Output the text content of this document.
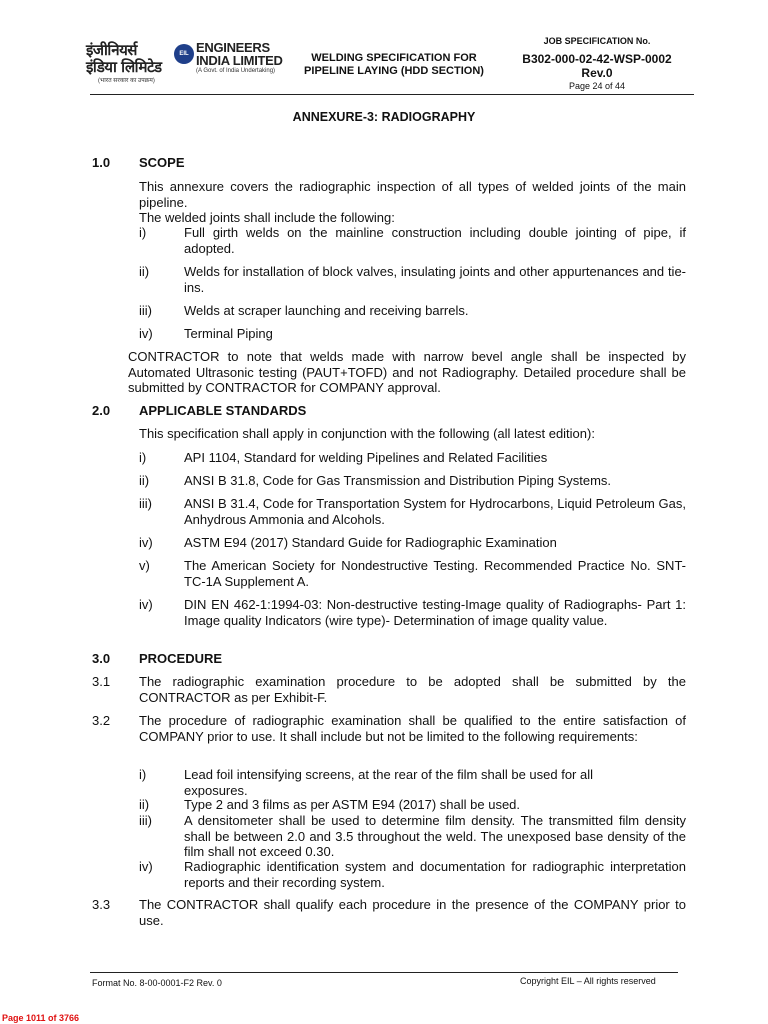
इंजीनियर्स
इंडिया लिमिटेड
(भारत सरकार का उपक्रम)
EIL ENGINEERS
INDIA LIMITED
(A Govt. of India Undertaking)
WELDING SPECIFICATION FOR
PIPELINE LAYING (HDD SECTION)
JOB SPECIFICATION No.
B302-000-02-42-WSP-0002
Rev.0
Page 24 of 44
ANNEXURE-3: RADIOGRAPHY
1.0 SCOPE
This annexure covers the radiographic inspection of all types of welded joints of the main pipeline.
The welded joints shall include the following:
i)	Full girth welds on the mainline construction including double jointing of pipe, if adopted.
ii)	Welds for installation of block valves, insulating joints and other appurtenances and tie-ins.
iii) Welds at scraper launching and receiving barrels.
iv) Terminal Piping
CONTRACTOR to note that welds made with narrow bevel angle shall be inspected by Automated Ultrasonic testing (PAUT+TOFD) and not Radiography. Detailed procedure shall be submitted by CONTRACTOR for COMPANY approval.
2.0 APPLICABLE STANDARDS
This specification shall apply in conjunction with the following (all latest edition):
i)	API 1104, Standard for welding Pipelines and Related Facilities
ii)	ANSI B 31.8, Code for Gas Transmission and Distribution Piping Systems.
iii) ANSI B 31.4, Code for Transportation System for Hydrocarbons, Liquid Petroleum Gas, Anhydrous Ammonia and Alcohols.
iv) ASTM E94 (2017) Standard Guide for Radiographic Examination
v)	The American Society for Nondestructive Testing. Recommended Practice No. SNT-TC-1A Supplement A.
iv) DIN EN 462-1:1994-03: Non-destructive testing-Image quality of Radiographs- Part 1: Image quality Indicators (wire type)- Determination of image quality value.
3.0 PROCEDURE
3.1 The radiographic examination procedure to be adopted shall be submitted by the CONTRACTOR as per Exhibit-F.
3.2 The procedure of radiographic examination shall be qualified to the entire satisfaction of COMPANY prior to use. It shall include but not be limited to the following requirements:
i)	Lead foil intensifying screens, at the rear of the film shall be used for all exposures.
ii)	Type 2 and 3 films as per ASTM E94 (2017) shall be used.
iii) A densitometer shall be used to determine film density. The transmitted film density shall be between 2.0 and 3.5 throughout the weld. The unexposed base density of the film shall not exceed 0.30.
iv) Radiographic identification system and documentation for radiographic interpretation reports and their recording system.
3.3 The CONTRACTOR shall qualify each procedure in the presence of the COMPANY prior to use.
Format No. 8-00-0001-F2 Rev. 0	Copyright EIL – All rights reserved
Page 1011 of 3766
